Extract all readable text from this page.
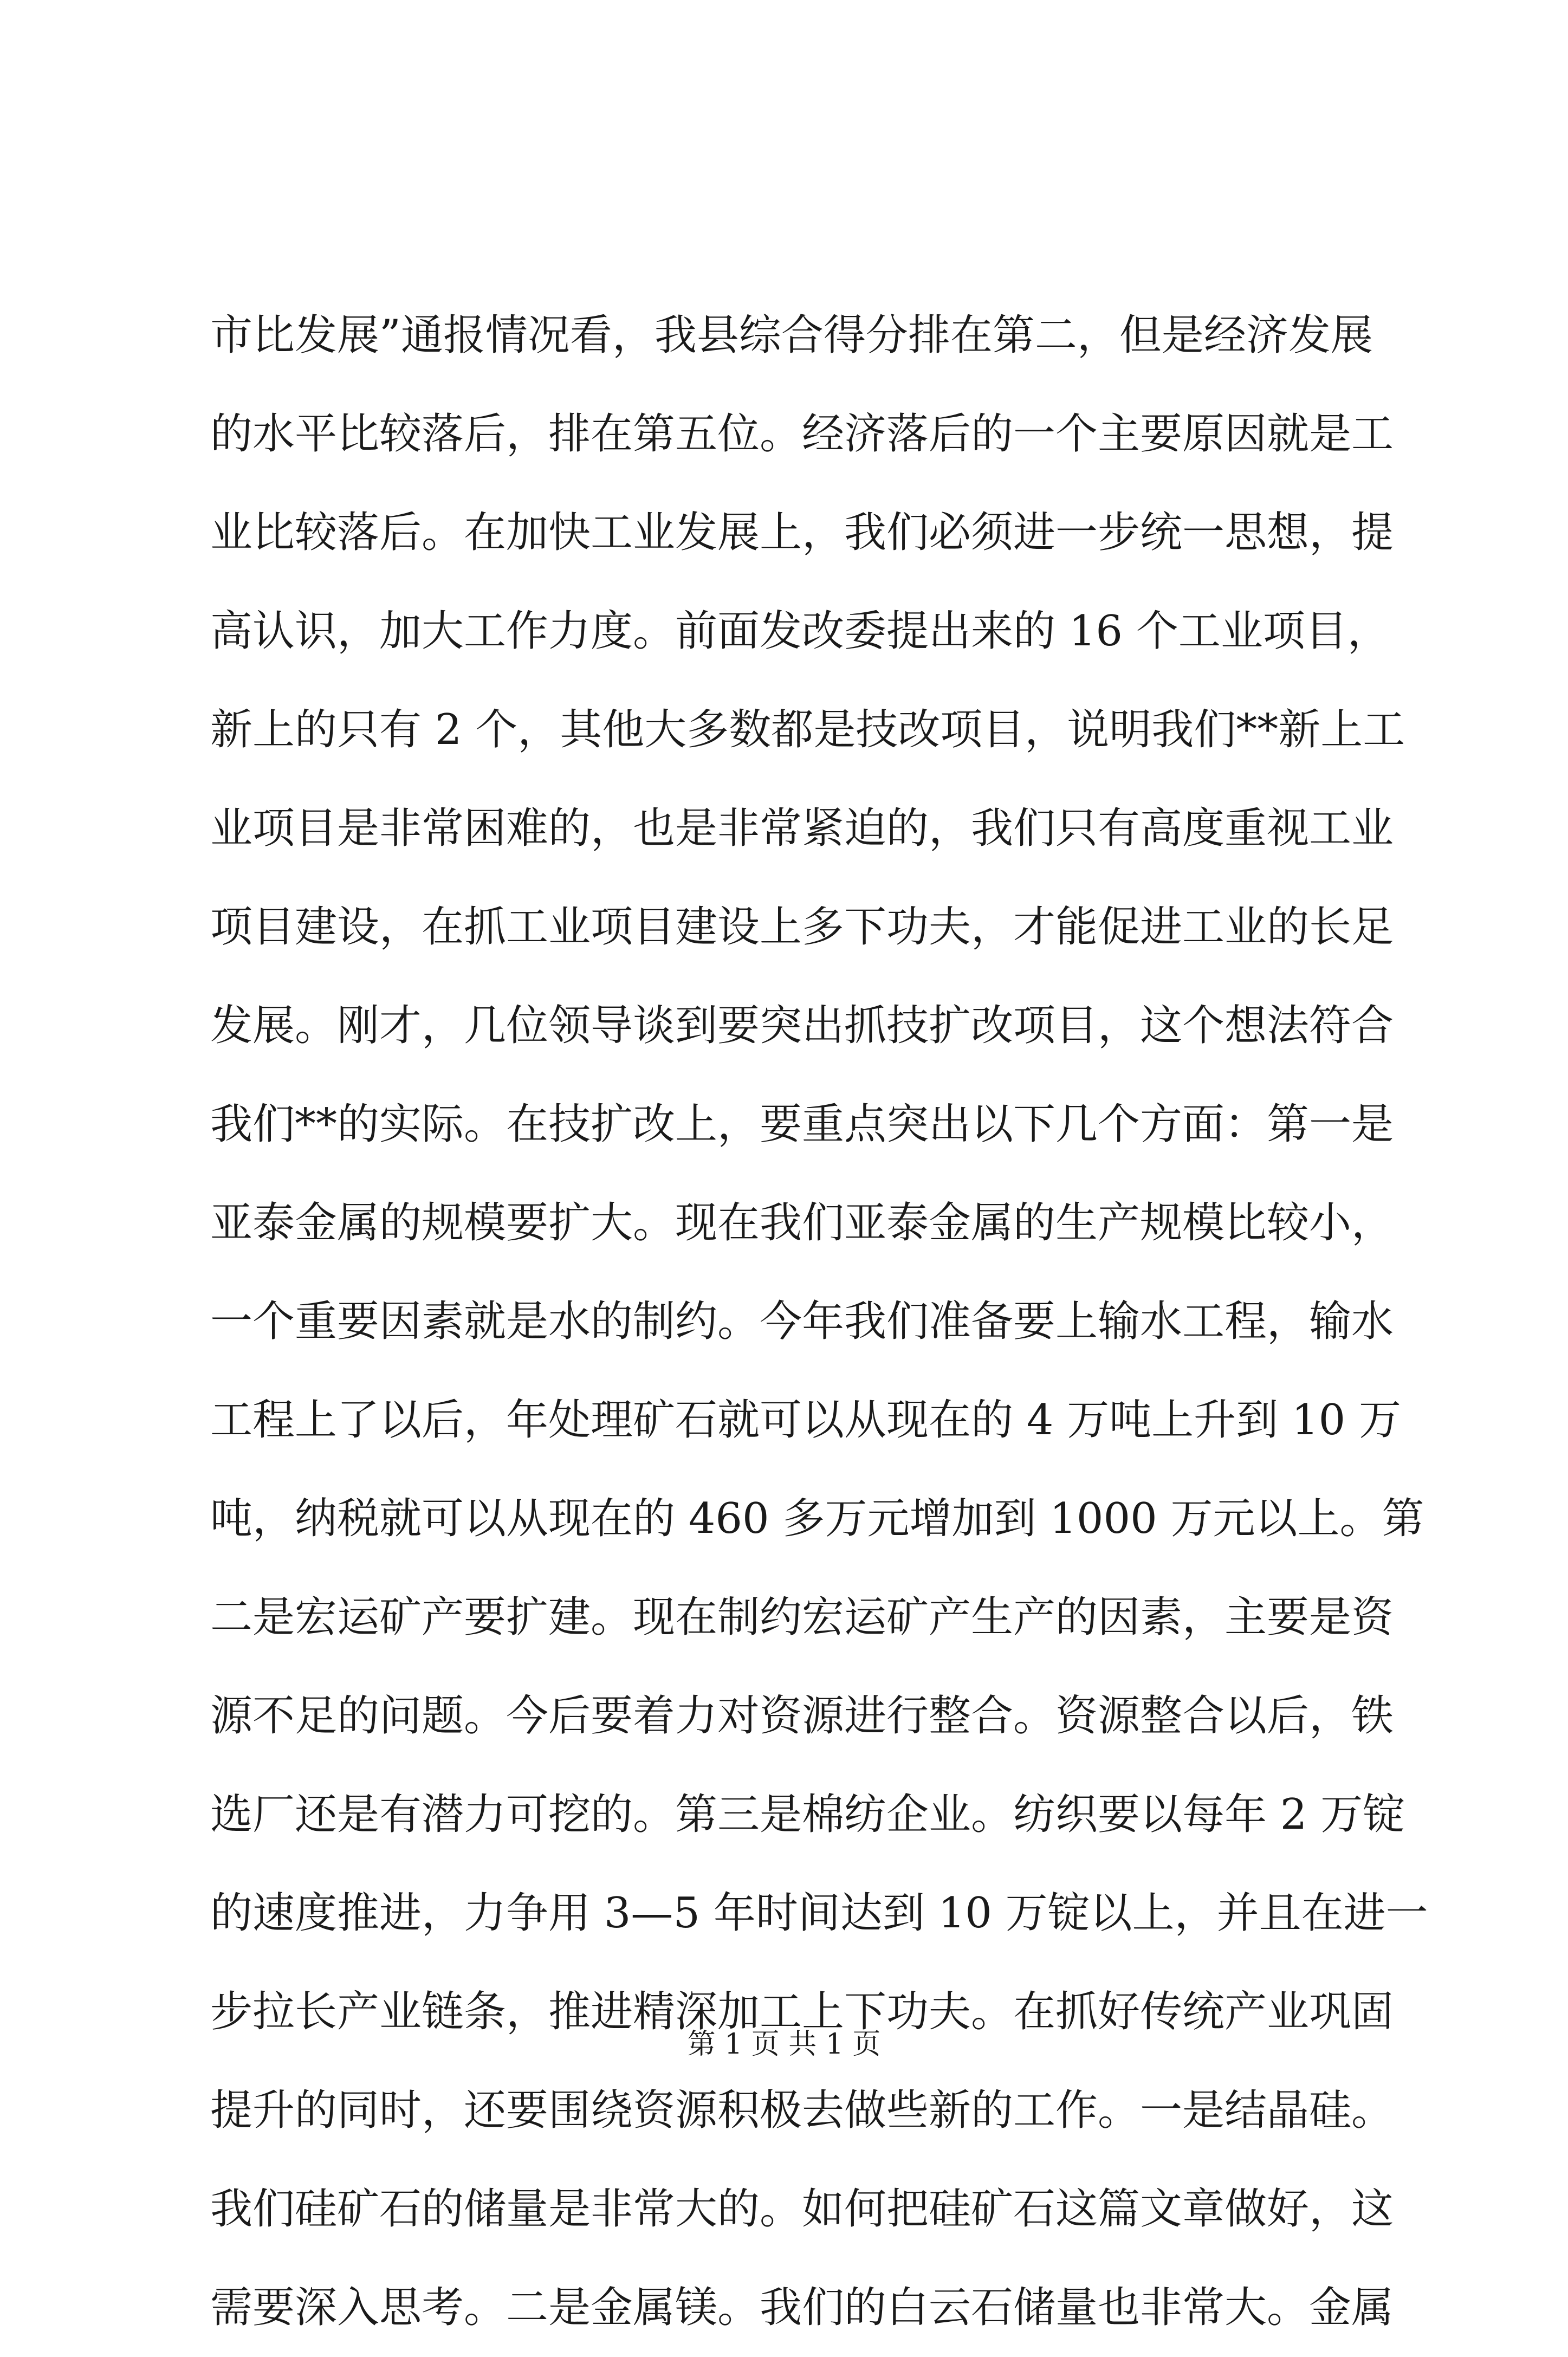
市比发展”通报情况看，我县综合得分排在第二，但是经济发展
的水平比较落后，排在第五位。经济落后的一个主要原因就是工
业比较落后。在加快工业发展上，我们必须进一步统一思想，提
高认识，加大工作力度。前面发改委提出来的 16 个工业项目，
新上的只有 2 个，其他大多数都是技改项目，说明我们**新上工
业项目是非常困难的，也是非常紧迫的，我们只有高度重视工业
项目建设，在抓工业项目建设上多下功夫，才能促进工业的长足
发展。刚才，几位领导谈到要突出抓技扩改项目，这个想法符合
我们**的实际。在技扩改上，要重点突出以下几个方面：第一是
亚泰金属的规模要扩大。现在我们亚泰金属的生产规模比较小，
一个重要因素就是水的制约。今年我们准备要上输水工程，输水
工程上了以后，年处理矿石就可以从现在的 4 万吨上升到 10 万
吨，纳税就可以从现在的 460 多万元增加到 1000 万元以上。第
二是宏运矿产要扩建。现在制约宏运矿产生产的因素，主要是资
源不足的问题。今后要着力对资源进行整合。资源整合以后，铁
选厂还是有潜力可挖的。第三是棉纺企业。纺织要以每年 2 万锭
的速度推进，力争用 3—5 年时间达到 10 万锭以上，并且在进一
步拉长产业链条，推进精深加工上下功夫。在抓好传统产业巩固
提升的同时，还要围绕资源积极去做些新的工作。一是结晶硅。
我们硅矿石的储量是非常大的。如何把硅矿石这篇文章做好，这
需要深入思考。二是金属镁。我们的白云石储量也非常大。金属
第 1 页 共 1 页
